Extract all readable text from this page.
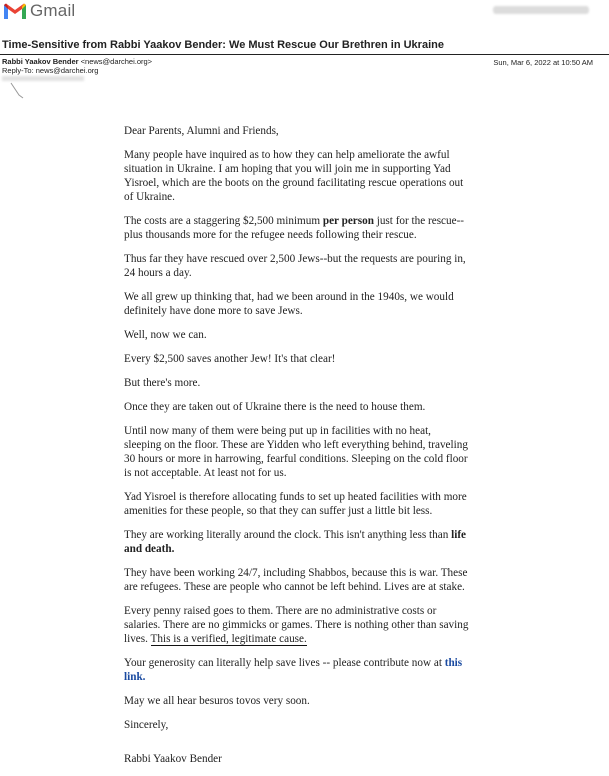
Gmail
Time-Sensitive from Rabbi Yaakov Bender: We Must Rescue Our Brethren in Ukraine
Rabbi Yaakov Bender <news@darchei.org>
Reply-To: news@darchei.org
Sun, Mar 6, 2022 at 10:50 AM

Dear Parents, Alumni and Friends,

Many people have inquired as to how they can help ameliorate the awful situation in Ukraine. I am hoping that you will join me in supporting Yad Yisroel, which are the boots on the ground facilitating rescue operations out of Ukraine.

The costs are a staggering $2,500 minimum per person just for the rescue--plus thousands more for the refugee needs following their rescue.

Thus far they have rescued over 2,500 Jews--but the requests are pouring in, 24 hours a day.

We all grew up thinking that, had we been around in the 1940s, we would definitely have done more to save Jews.

Well, now we can.

Every $2,500 saves another Jew! It's that clear!

But there's more.

Once they are taken out of Ukraine there is the need to house them.

Until now many of them were being put up in facilities with no heat, sleeping on the floor. These are Yidden who left everything behind, traveling 30 hours or more in harrowing, fearful conditions. Sleeping on the cold floor is not acceptable. At least not for us.

Yad Yisroel is therefore allocating funds to set up heated facilities with more amenities for these people, so that they can suffer just a little bit less.

They are working literally around the clock. This isn't anything less than life and death.

They have been working 24/7, including Shabbos, because this is war. These are refugees. These are people who cannot be left behind. Lives are at stake.

Every penny raised goes to them. There are no administrative costs or salaries. There are no gimmicks or games. There is nothing other than saving lives. This is a verified, legitimate cause.

Your generosity can literally help save lives -- please contribute now at this link.

May we all hear besuros tovos very soon.

Sincerely,

Rabbi Yaakov Bender
